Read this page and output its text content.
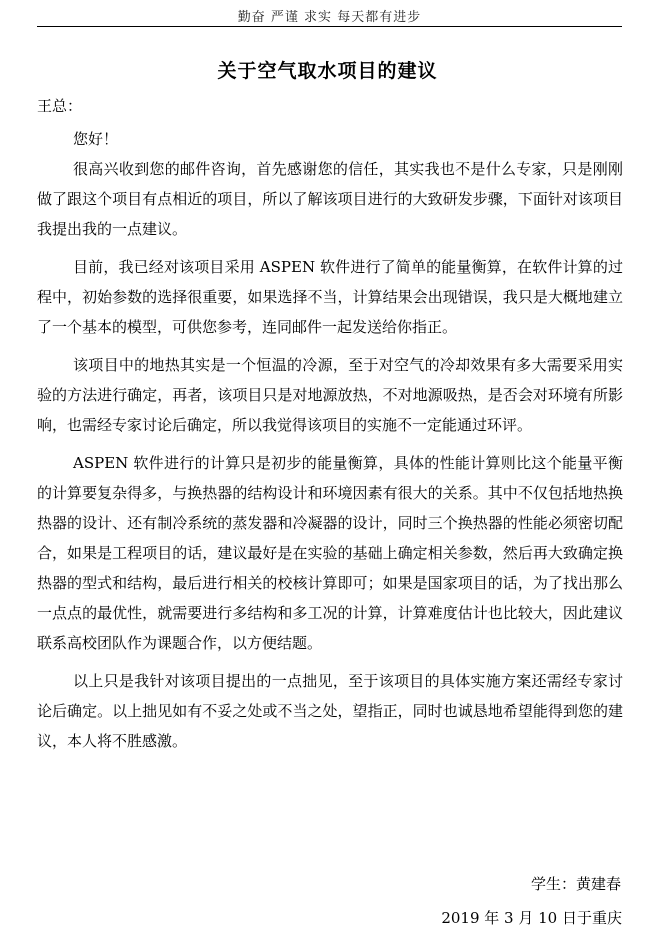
勤奋 严谨 求实 每天都有进步
关于空气取水项目的建议
王总：

您好！

很高兴收到您的邮件咨询，首先感谢您的信任，其实我也不是什么专家，只是刚刚做了跟这个项目有点相近的项目，所以了解该项目进行的大致研发步骤，下面针对该项目我提出我的一点建议。

目前，我已经对该项目采用 ASPEN 软件进行了简单的能量衡算，在软件计算的过程中，初始参数的选择很重要，如果选择不当，计算结果会出现错误，我只是大概地建立了一个基本的模型，可供您参考，连同邮件一起发送给你指正。

该项目中的地热其实是一个恒温的冷源，至于对空气的冷却效果有多大需要采用实验的方法进行确定，再者，该项目只是对地源放热，不对地源吸热，是否会对环境有所影响，也需经专家讨论后确定，所以我觉得该项目的实施不一定能通过环评。

ASPEN 软件进行的计算只是初步的能量衡算，具体的性能计算则比这个能量平衡的计算要复杂得多，与换热器的结构设计和环境因素有很大的关系。其中不仅包括地热换热器的设计、还有制冷系统的蒸发器和冷凝器的设计，同时三个换热器的性能必须密切配合，如果是工程项目的话，建议最好是在实验的基础上确定相关参数，然后再大致确定换热器的型式和结构，最后进行相关的校核计算即可；如果是国家项目的话，为了找出那么一点点的最优性，就需要进行多结构和多工况的计算，计算难度估计也比较大，因此建议联系高校团队作为课题合作，以方便结题。

以上只是我针对该项目提出的一点拙见，至于该项目的具体实施方案还需经专家讨论后确定。以上拙见如有不妥之处或不当之处，望指正，同时也诚恳地希望能得到您的建议，本人将不胜感激。

学生：黄建春
2019 年 3 月 10 日于重庆
